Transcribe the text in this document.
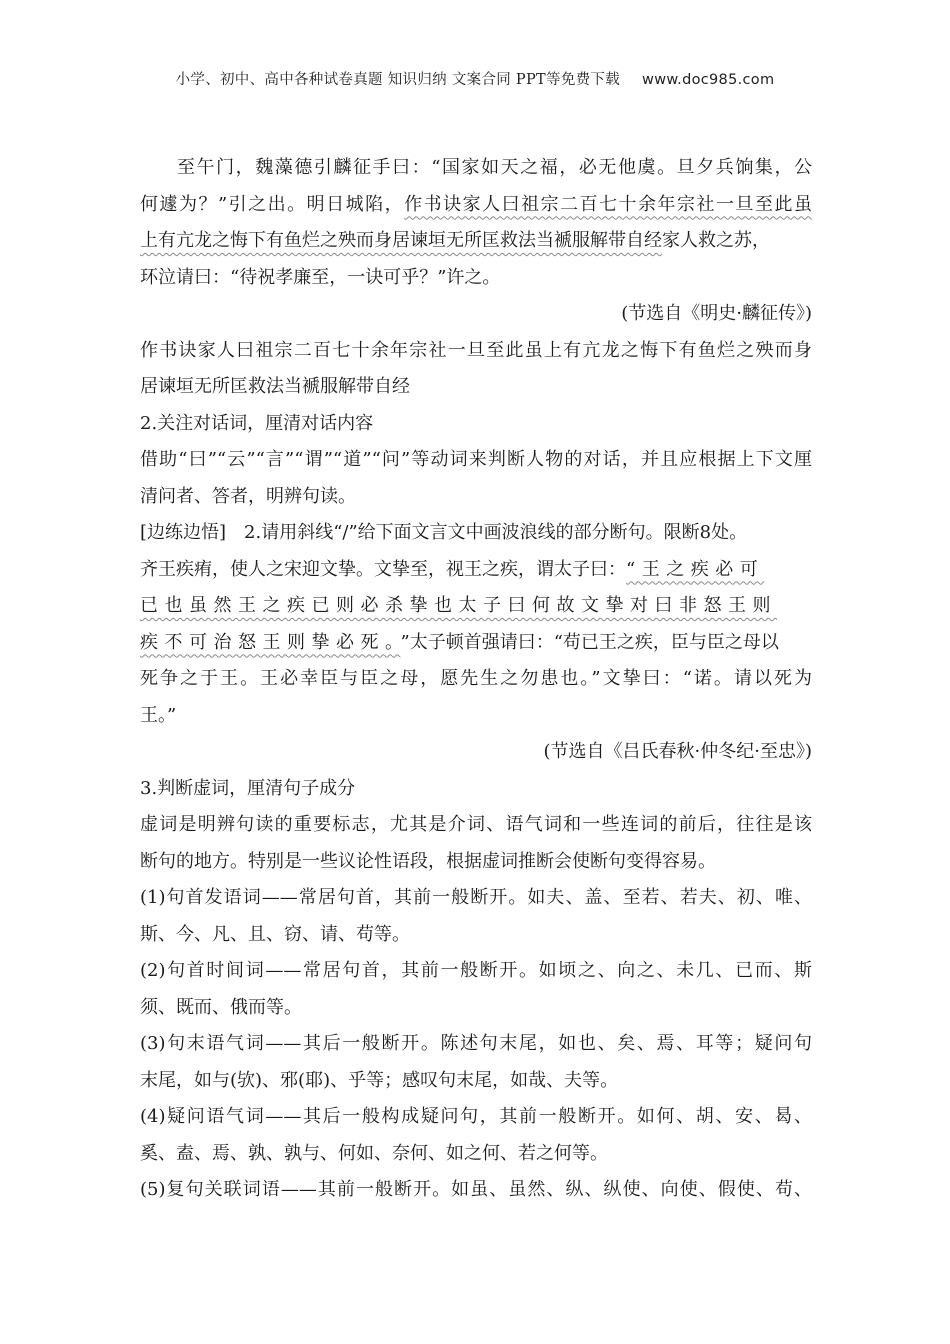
小学、初中、高中各种试卷真题 知识归纳 文案合同 PPT等免费下载 www.doc985.com
至午门，魏藻德引麟征手曰：“国家如天之福，必无他虞。旦夕兵饷集，公
何遽为？”引之出。明日城陷，作书诀家人曰祖宗二百七十余年宗社一旦至此虽
上有亢龙之悔下有鱼烂之殃而身居谏垣无所匡救法当褫服解带自经家人救之苏，
环泣请曰：“待祝孝廉至，一诀可乎？”许之。
(节选自《明史·麟征传》)
作书诀家人曰祖宗二百七十余年宗社一旦至此虽上有亢龙之悔下有鱼烂之殃而身
居谏垣无所匡救法当褫服解带自经
2.关注对话词，厘清对话内容
借助“曰”“云”“言”“谓”“道”“问”等动词来判断人物的对话，并且应根据上下文厘
清问者、答者，明辨句读。
[边练边悟]　2.请用斜线“/”给下面文言文中画波浪线的部分断句。限断8处。
齐王疾痏，使人之宋迎文挚。文挚至，视王之疾，谓太子曰：“王之疾必可
已也虽然王之疾已则必杀挚也太子曰何故文挚对曰非怒王则
疾不可治怒王则挚必死。”太子顿首强请曰：“苟已王之疾，臣与臣之母以
死争之于王。王必幸臣与臣之母，愿先生之勿患也。”文挚曰：“诺。请以死为
王。”
(节选自《吕氏春秋·仲冬纪·至忠》)
3.判断虚词，厘清句子成分
虚词是明辨句读的重要标志，尤其是介词、语气词和一些连词的前后，往往是该
断句的地方。特别是一些议论性语段，根据虚词推断会使断句变得容易。
(1)句首发语词——常居句首，其前一般断开。如夫、盖、至若、若夫、初、唯、
斯、今、凡、且、窃、请、苟等。
(2)句首时间词——常居句首，其前一般断开。如顷之、向之、未几、已而、斯
须、既而、俄而等。
(3)句末语气词——其后一般断开。陈述句末尾，如也、矣、焉、耳等；疑问句
末尾，如与(欤)、邪(耶)、乎等；感叹句末尾，如哉、夫等。
(4)疑问语气词——其后一般构成疑问句，其前一般断开。如何、胡、安、曷、
奚、盍、焉、孰、孰与、何如、奈何、如之何、若之何等。
(5)复句关联词语——其前一般断开。如虽、虽然、纵、纵使、向使、假使、苟、
